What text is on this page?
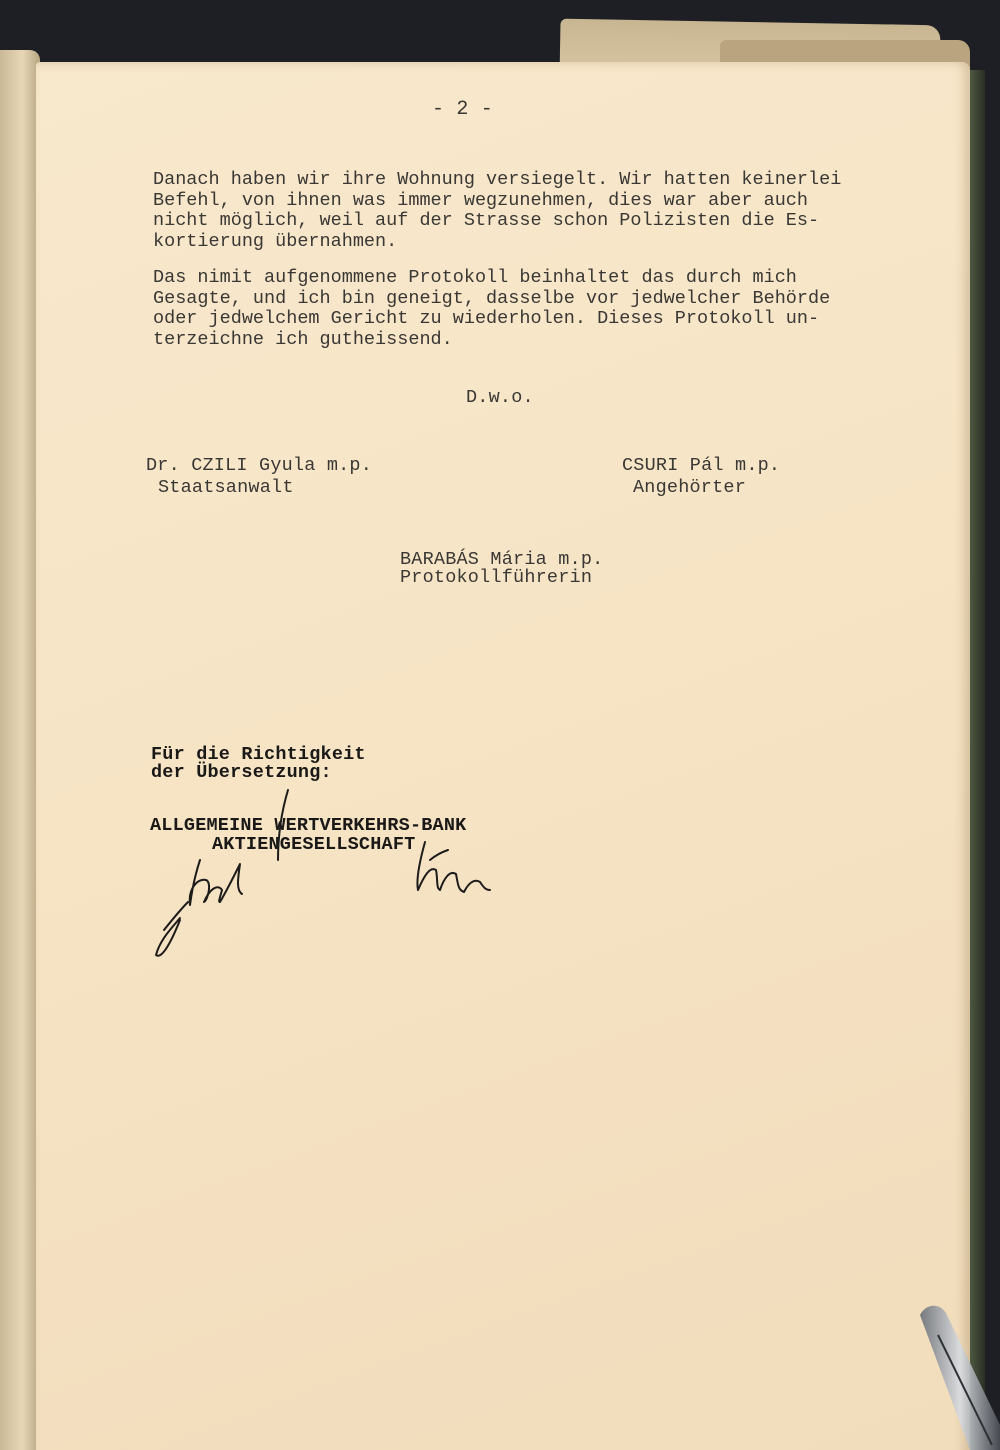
- 2 -
Danach haben wir ihre Wohnung versiegelt. Wir hatten keinerlei
Befehl, von ihnen was immer wegzunehmen, dies war aber auch
nicht möglich, weil auf der Strasse schon Polizisten die Es-
kortierung übernahmen.
Das nimit aufgenommene Protokoll beinhaltet das durch mich
Gesagte, und ich bin geneigt, dasselbe vor jedwelcher Behörde
oder jedwelchem Gericht zu wiederholen. Dieses Protokoll un-
terzeichne ich gutheissend.
D.w.o.
Dr. CZILI Gyula m.p.
Staatsanwalt
CSURI Pál m.p.
Angehörter
BARABÁS Mária m.p.
Protokollführerin
Für die Richtigkeit
der Übersetzung:
ALLGEMEINE WERTVERKEHRS-BANK
AKTIENGESELLSCHAFT
